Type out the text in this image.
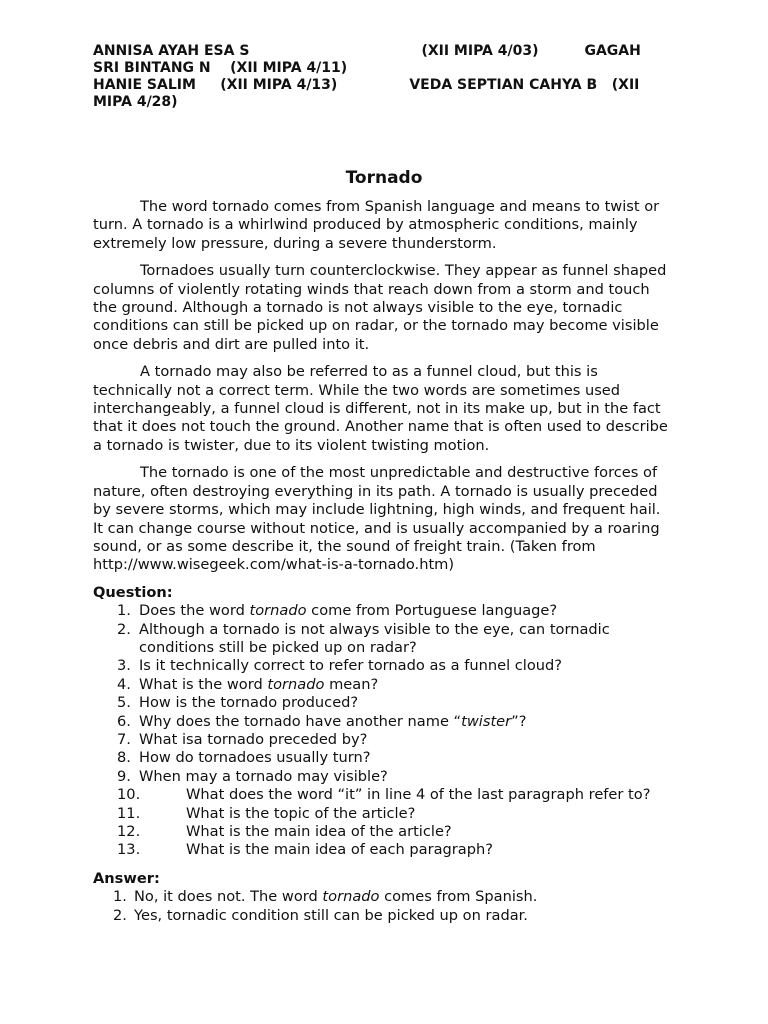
ANNISA AYAH ESA S	(XII MIPA 4/03)	GAGAH
SRI BINTANG N    (XII MIPA 4/11)
HANIE SALIM     (XII MIPA 4/13)	VEDA SEPTIAN CAHYA B   (XII
MIPA 4/28)
Tornado

The word tornado comes from Spanish language and means to twist or turn. A tornado is a whirlwind produced by atmospheric conditions, mainly extremely low pressure, during a severe thunderstorm.

Tornadoes usually turn counterclockwise. They appear as funnel shaped columns of violently rotating winds that reach down from a storm and touch the ground. Although a tornado is not always visible to the eye, tornadic conditions can still be picked up on radar, or the tornado may become visible once debris and dirt are pulled into it.

A tornado may also be referred to as a funnel cloud, but this is technically not a correct term. While the two words are sometimes used interchangeably, a funnel cloud is different, not in its make up, but in the fact that it does not touch the ground. Another name that is often used to describe a tornado is twister, due to its violent twisting motion.

The tornado is one of the most unpredictable and destructive forces of nature, often destroying everything in its path. A tornado is usually preceded by severe storms, which may include lightning, high winds, and frequent hail. It can change course without notice, and is usually accompanied by a roaring sound, or as some describe it, the sound of freight train. (Taken from http://www.wisegeek.com/what-is-a-tornado.htm)

Question:
1. Does the word tornado come from Portuguese language?
2. Although a tornado is not always visible to the eye, can tornadic conditions still be picked up on radar?
3. Is it technically correct to refer tornado as a funnel cloud?
4. What is the word tornado mean?
5. How is the tornado produced?
6. Why does the tornado have another name “twister”?
7. What isa tornado preceded by?
8. How do tornadoes usually turn?
9. When may a tornado may visible?
10.	What does the word “it” in line 4 of the last paragraph refer to?
11.	What is the topic of the article?
12.	What is the main idea of the article?
13.	What is the main idea of each paragraph?
Answer:
1. No, it does not. The word tornado comes from Spanish.
2. Yes, tornadic condition still can be picked up on radar.
